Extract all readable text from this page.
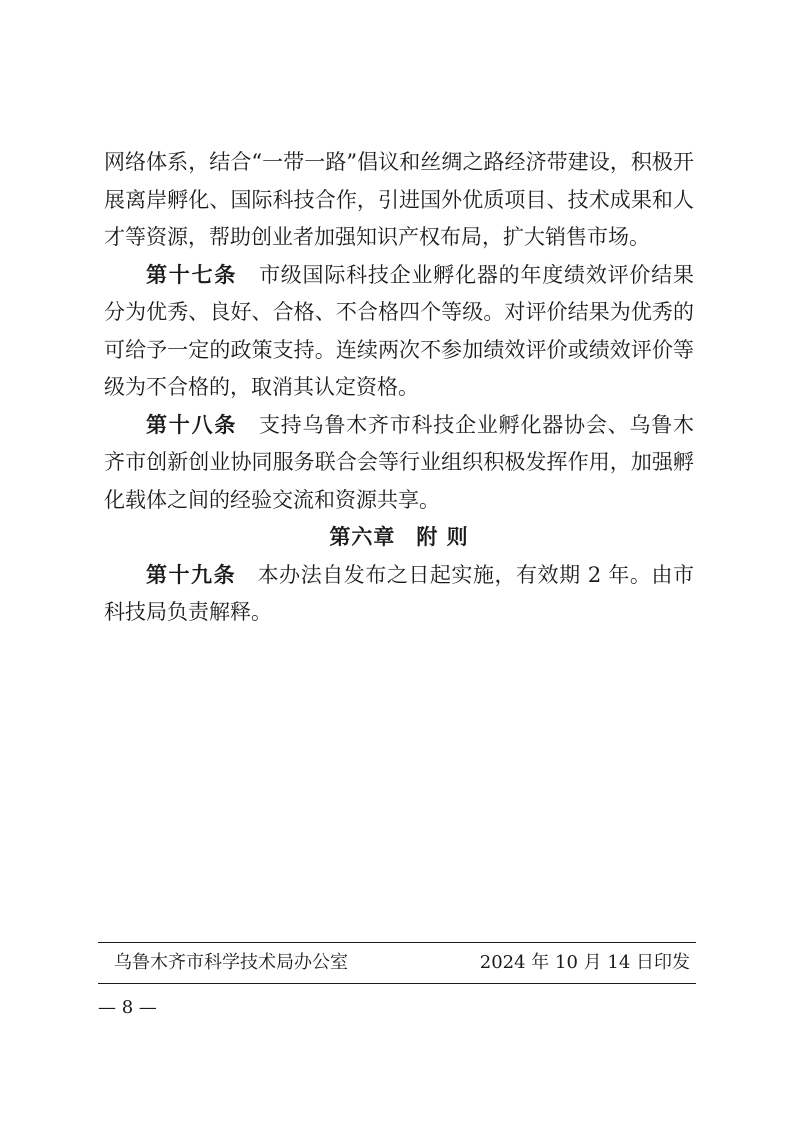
网络体系，结合“一带一路”倡议和丝绸之路经济带建设，积极开展离岸孵化、国际科技合作，引进国外优质项目、技术成果和人才等资源，帮助创业者加强知识产权布局，扩大销售市场。

第十七条 市级国际科技企业孵化器的年度绩效评价结果分为优秀、良好、合格、不合格四个等级。对评价结果为优秀的可给予一定的政策支持。连续两次不参加绩效评价或绩效评价等级为不合格的，取消其认定资格。

第十八条 支持乌鲁木齐市科技企业孵化器协会、乌鲁木齐市创新创业协同服务联合会等行业组织积极发挥作用，加强孵化载体之间的经验交流和资源共享。

第六章 附 则

第十九条 本办法自发布之日起实施，有效期 2 年。由市科技局负责解释。

乌鲁木齐市科学技术局办公室	2024 年 10 月 14 日印发
— 8 —
